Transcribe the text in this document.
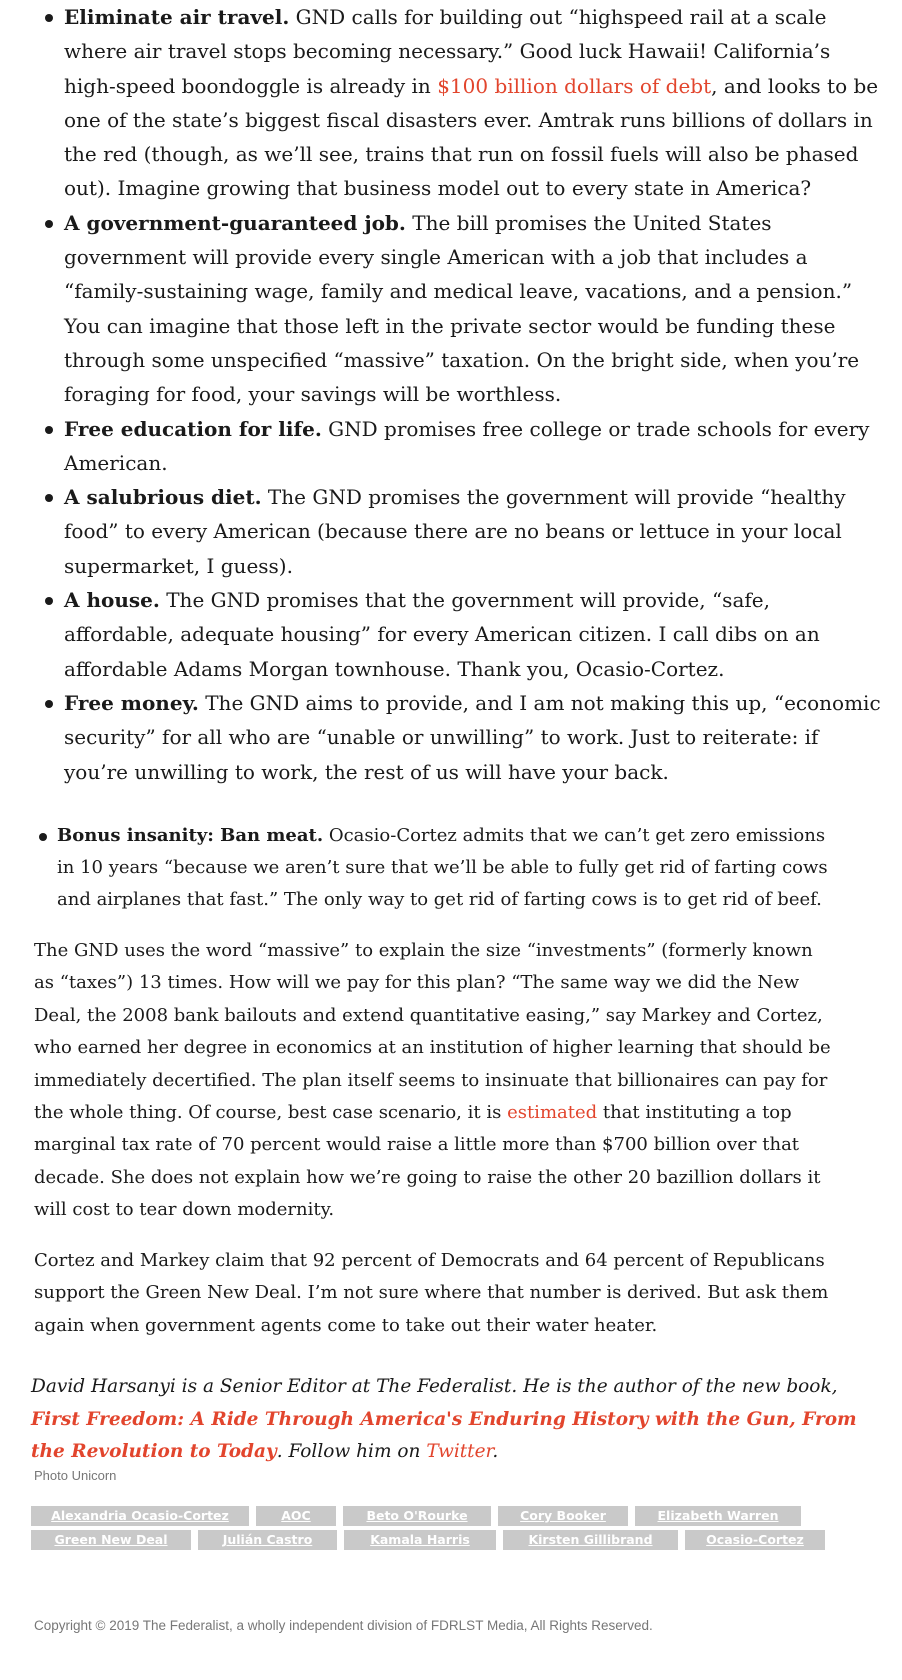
Eliminate air travel. GND calls for building out “highspeed rail at a scale where air travel stops becoming necessary.” Good luck Hawaii! California’s high-speed boondoggle is already in $100 billion dollars of debt, and looks to be one of the state’s biggest fiscal disasters ever. Amtrak runs billions of dollars in the red (though, as we’ll see, trains that run on fossil fuels will also be phased out). Imagine growing that business model out to every state in America?
A government-guaranteed job. The bill promises the United States government will provide every single American with a job that includes a “family-sustaining wage, family and medical leave, vacations, and a pension.” You can imagine that those left in the private sector would be funding these through some unspecified “massive” taxation. On the bright side, when you’re foraging for food, your savings will be worthless.
Free education for life. GND promises free college or trade schools for every American.
A salubrious diet. The GND promises the government will provide “healthy food” to every American (because there are no beans or lettuce in your local supermarket, I guess).
A house. The GND promises that the government will provide, “safe, affordable, adequate housing” for every American citizen. I call dibs on an affordable Adams Morgan townhouse. Thank you, Ocasio-Cortez.
Free money. The GND aims to provide, and I am not making this up, “economic security” for all who are “unable or unwilling” to work. Just to reiterate: if you’re unwilling to work, the rest of us will have your back.
Bonus insanity: Ban meat. Ocasio-Cortez admits that we can’t get zero emissions in 10 years “because we aren’t sure that we’ll be able to fully get rid of farting cows and airplanes that fast.” The only way to get rid of farting cows is to get rid of beef.

The GND uses the word “massive” to explain the size “investments” (formerly known as “taxes”) 13 times. How will we pay for this plan? “The same way we did the New Deal, the 2008 bank bailouts and extend quantitative easing,” say Markey and Cortez, who earned her degree in economics at an institution of higher learning that should be immediately decertified. The plan itself seems to insinuate that billionaires can pay for the whole thing. Of course, best case scenario, it is estimated that instituting a top marginal tax rate of 70 percent would raise a little more than $700 billion over that decade. She does not explain how we’re going to raise the other 20 bazillion dollars it will cost to tear down modernity.

Cortez and Markey claim that 92 percent of Democrats and 64 percent of Republicans support the Green New Deal. I’m not sure where that number is derived. But ask them again when government agents come to take out their water heater.

David Harsanyi is a Senior Editor at The Federalist. He is the author of the new book, First Freedom: A Ride Through America's Enduring History with the Gun, From the Revolution to Today. Follow him on Twitter.

Photo Unicorn
Alexandria Ocasio-Cortez	AOC	Beto O'Rourke	Cory Booker	Elizabeth Warren
Green New Deal	Julián Castro	Kamala Harris	Kirsten Gillibrand	Ocasio-Cortez
Copyright © 2019 The Federalist, a wholly independent division of FDRLST Media, All Rights Reserved.
